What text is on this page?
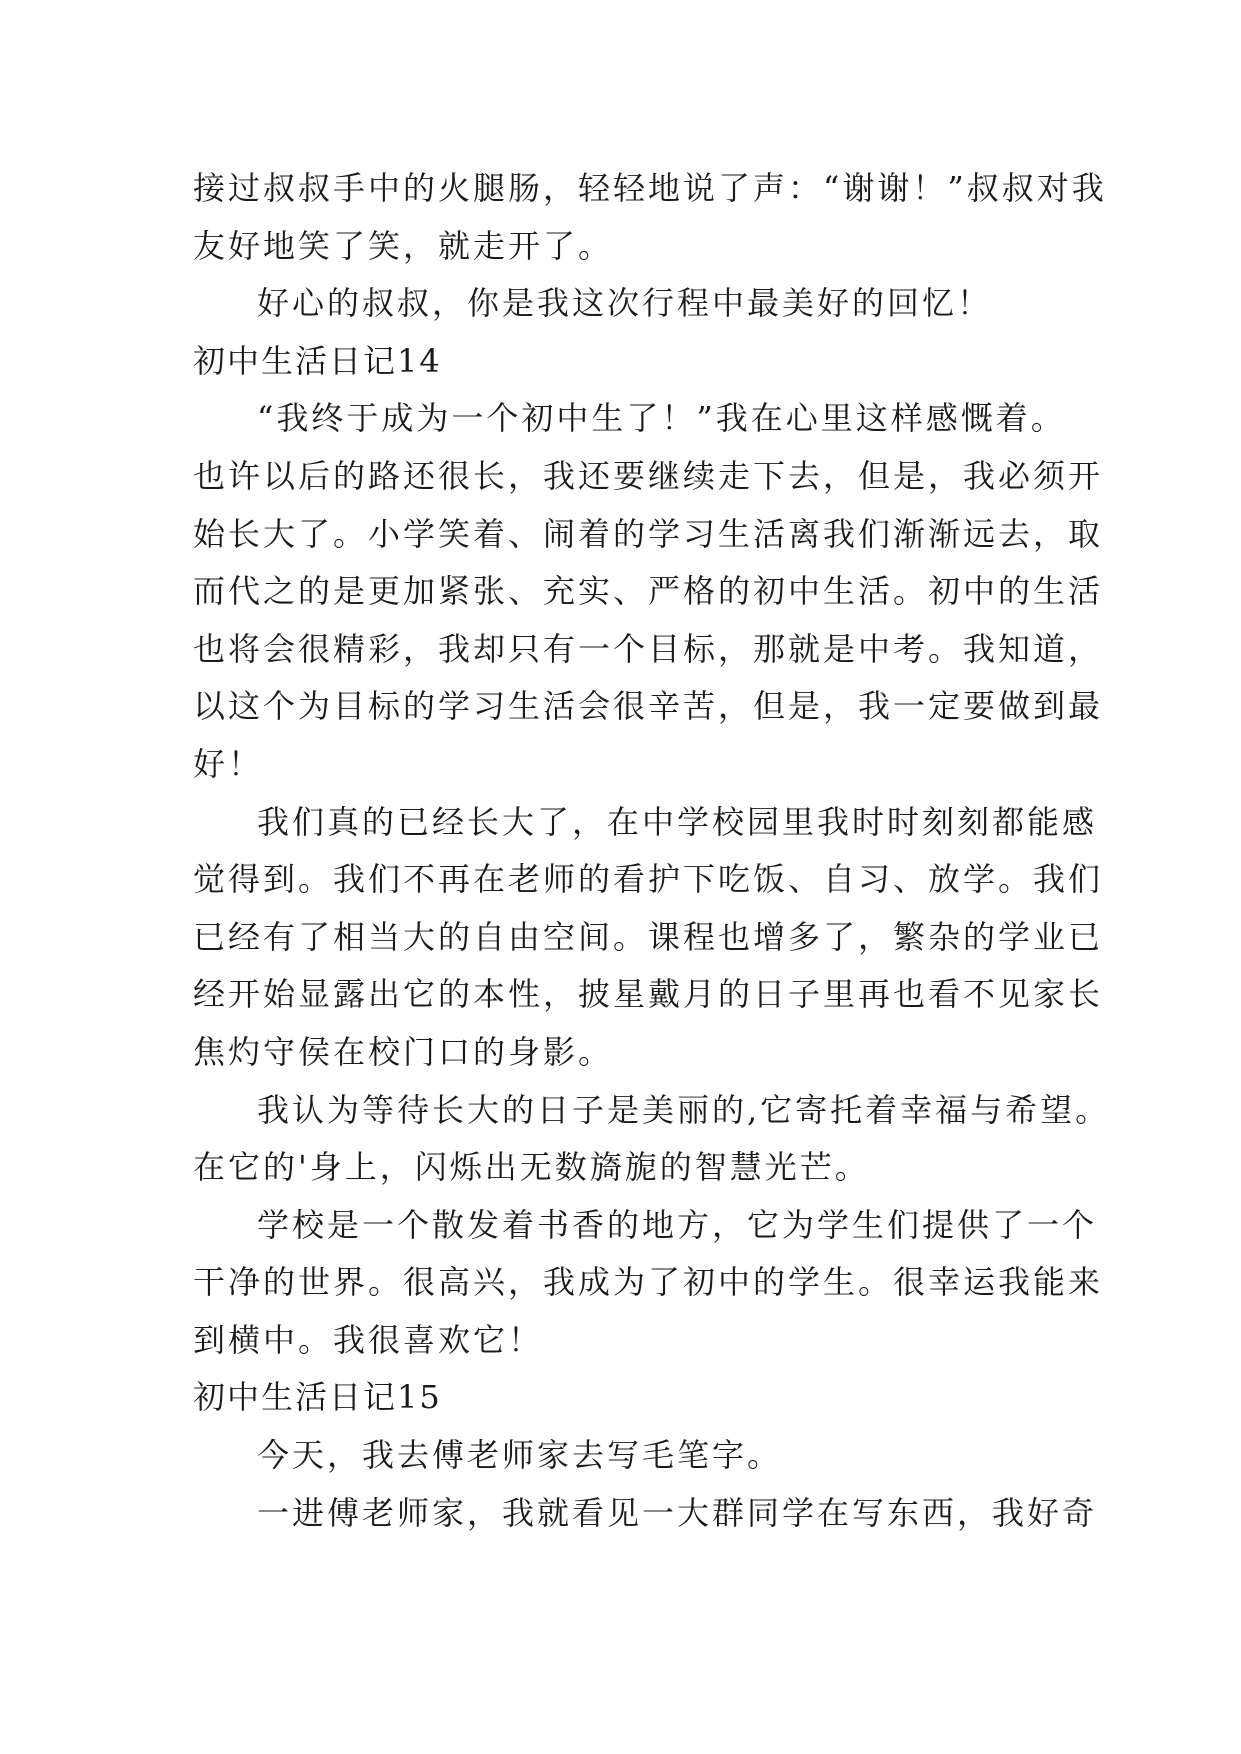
接过叔叔手中的火腿肠，轻轻地说了声：“谢谢！”叔叔对我
友好地笑了笑，就走开了。
好心的叔叔，你是我这次行程中最美好的回忆！
初中生活日记14
“我终于成为一个初中生了！”我在心里这样感慨着。
也许以后的路还很长，我还要继续走下去，但是，我必须开
始长大了。小学笑着、闹着的学习生活离我们渐渐远去，取
而代之的是更加紧张、充实、严格的初中生活。初中的生活
也将会很精彩，我却只有一个目标，那就是中考。我知道，
以这个为目标的学习生活会很辛苦，但是，我一定要做到最
好！
我们真的已经长大了，在中学校园里我时时刻刻都能感
觉得到。我们不再在老师的看护下吃饭、自习、放学。我们
已经有了相当大的自由空间。课程也增多了，繁杂的学业已
经开始显露出它的本性，披星戴月的日子里再也看不见家长
焦灼守侯在校门口的身影。
我认为等待长大的日子是美丽的,它寄托着幸福与希望。
在它的'身上，闪烁出无数旖旎的智慧光芒。
学校是一个散发着书香的地方，它为学生们提供了一个
干净的世界。很高兴，我成为了初中的学生。很幸运我能来
到横中。我很喜欢它！
初中生活日记15
今天，我去傅老师家去写毛笔字。
一进傅老师家，我就看见一大群同学在写东西，我好奇
